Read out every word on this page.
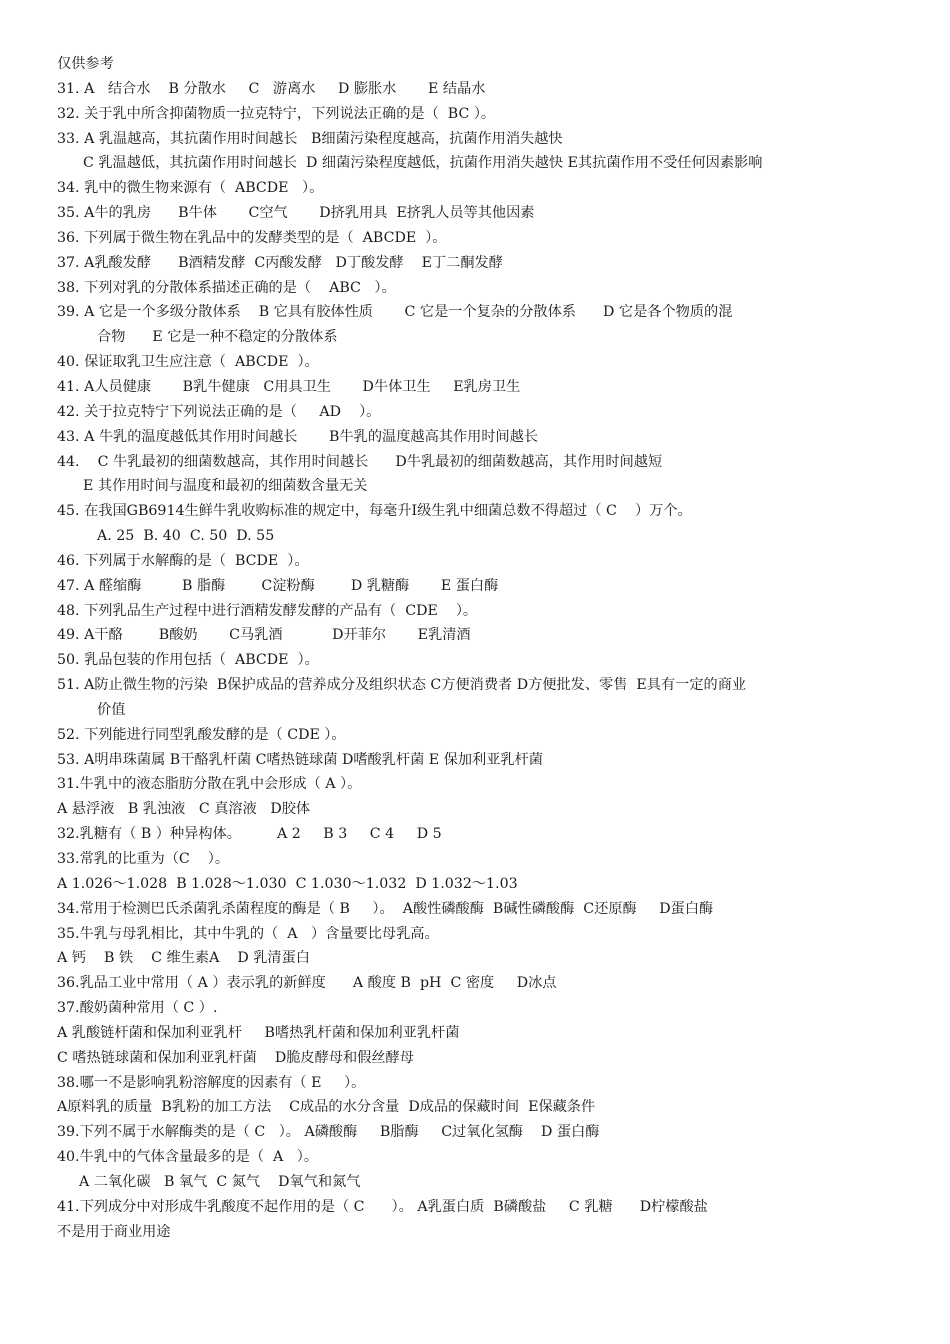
仅供参考
31. A   结合水    B 分散水     C   游离水     D 膨胀水       E 结晶水
32. 关于乳中所含抑菌物质一拉克特宁，下列说法正确的是（  BC ）。
33. A 乳温越高，其抗菌作用时间越长   B细菌污染程度越高，抗菌作用消失越快
C 乳温越低，其抗菌作用时间越长  D 细菌污染程度越低，抗菌作用消失越快 E其抗菌作用不受任何因素影响
34. 乳中的微生物来源有（  ABCDE   ）。
35. A牛的乳房      B牛体       C空气       D挤乳用具  E挤乳人员等其他因素
36. 下列属于微生物在乳品中的发酵类型的是（  ABCDE  ）。
37. A乳酸发酵      B酒精发酵  C丙酸发酵   D丁酸发酵    E丁二酮发酵
38. 下列对乳的分散体系描述正确的是（    ABC   ）。
39. A 它是一个多级分散体系    B 它具有胶体性质       C 它是一个复杂的分散体系      D 它是各个物质的混
合物      E 它是一种不稳定的分散体系
40. 保证取乳卫生应注意（  ABCDE  ）。
41. A人员健康       B乳牛健康   C用具卫生       D牛体卫生     E乳房卫生
42. 关于拉克特宁下列说法正确的是（     AD    ）。
43. A 牛乳的温度越低其作用时间越长       B牛乳的温度越高其作用时间越长
44.    C 牛乳最初的细菌数越高，其作用时间越长      D牛乳最初的细菌数越高，其作用时间越短
E 其作用时间与温度和最初的细菌数含量无关
45. 在我国GB6914生鲜牛乳收购标准的规定中，每毫升Ⅰ级生乳中细菌总数不得超过（ C    ）万个。
A. 25  B. 40  C. 50  D. 55
46. 下列属于水解酶的是（  BCDE  ）。
47. A 醛缩酶         B 脂酶        C淀粉酶        D 乳糖酶       E 蛋白酶
48. 下列乳品生产过程中进行酒精发酵发酵的产品有（  CDE    ）。
49. A干酪        B酸奶       C马乳酒           D开菲尔       E乳清酒
50. 乳品包装的作用包括（  ABCDE  ）。
51. A防止微生物的污染  B保护成品的营养成分及组织状态 C方便消费者 D方便批发、零售  E具有一定的商业
价值
52. 下列能进行同型乳酸发酵的是（ CDE ）。
53. A明串珠菌属 B干酪乳杆菌 C嗜热链球菌 D嗜酸乳杆菌 E 保加利亚乳杆菌
31.牛乳中的液态脂肪分散在乳中会形成（ A ）。
A 悬浮液   B 乳浊液   C 真溶液   D胶体
32.乳糖有（ B ）种异构体。        A 2     B 3     C 4     D 5
33.常乳的比重为（C    ）。
A 1.026～1.028  B 1.028～1.030  C 1.030～1.032  D 1.032～1.03
34.常用于检测巴氏杀菌乳杀菌程度的酶是（ B     ）。  A酸性磷酸酶  B碱性磷酸酶  C还原酶     D蛋白酶
35.牛乳与母乳相比，其中牛乳的（  A   ）含量要比母乳高。
A 钙    B 铁    C 维生素A    D 乳清蛋白
36.乳品工业中常用（ A ）表示乳的新鲜度      A 酸度 B  pH  C 密度     D冰点
37.酸奶菌种常用（ C ）.
A 乳酸链杆菌和保加利亚乳杆     B嗜热乳杆菌和保加利亚乳杆菌
C 嗜热链球菌和保加利亚乳杆菌    D脆皮酵母和假丝酵母
38.哪一不是影响乳粉溶解度的因素有（ E     ）。
A原料乳的质量  B乳粉的加工方法    C成品的水分含量  D成品的保藏时间  E保藏条件
39.下列不属于水解酶类的是（ C   ）。 A磷酸酶     B脂酶     C过氧化氢酶    D 蛋白酶
40.牛乳中的气体含量最多的是（  A   ）。
A 二氧化碳   B 氧气  C 氮气    D氧气和氮气
41.下列成分中对形成牛乳酸度不起作用的是（ C      ）。 A乳蛋白质  B磷酸盐     C 乳糖      D柠檬酸盐
不是用于商业用途
